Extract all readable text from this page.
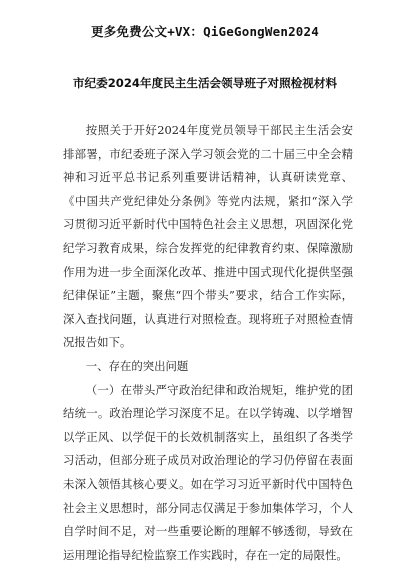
更多免费公文+VX：QiGeGongWen2024
市纪委2024年度民主生活会领导班子对照检视材料

按照关于开好2024年度党员领导干部民主生活会安排部署，市纪委班子深入学习领会党的二十届三中全会精神和习近平总书记系列重要讲话精神，认真研读党章、《中国共产党纪律处分条例》等党内法规，紧扣“深入学习贯彻习近平新时代中国特色社会主义思想，巩固深化党纪学习教育成果，综合发挥党的纪律教育约束、保障激励作用为进一步全面深化改革、推进中国式现代化提供坚强纪律保证”主题，聚焦“四个带头”要求，结合工作实际，深入查找问题，认真进行对照检查。现将班子对照检查情况报告如下。

一、存在的突出问题

（一）在带头严守政治纪律和政治规矩，维护党的团结统一。政治理论学习深度不足。在以学铸魂、以学增智以学正风、以学促干的长效机制落实上，虽组织了各类学习活动，但部分班子成员对政治理论的学习仍停留在表面未深入领悟其核心要义。如在学习习近平新时代中国特色社会主义思想时，部分同志仅满足于参加集体学习，个人自学时间不足，对一些重要论断的理解不够透彻，导致在运用理论指导纪检监察工作实践时，存在一定的局限性。
